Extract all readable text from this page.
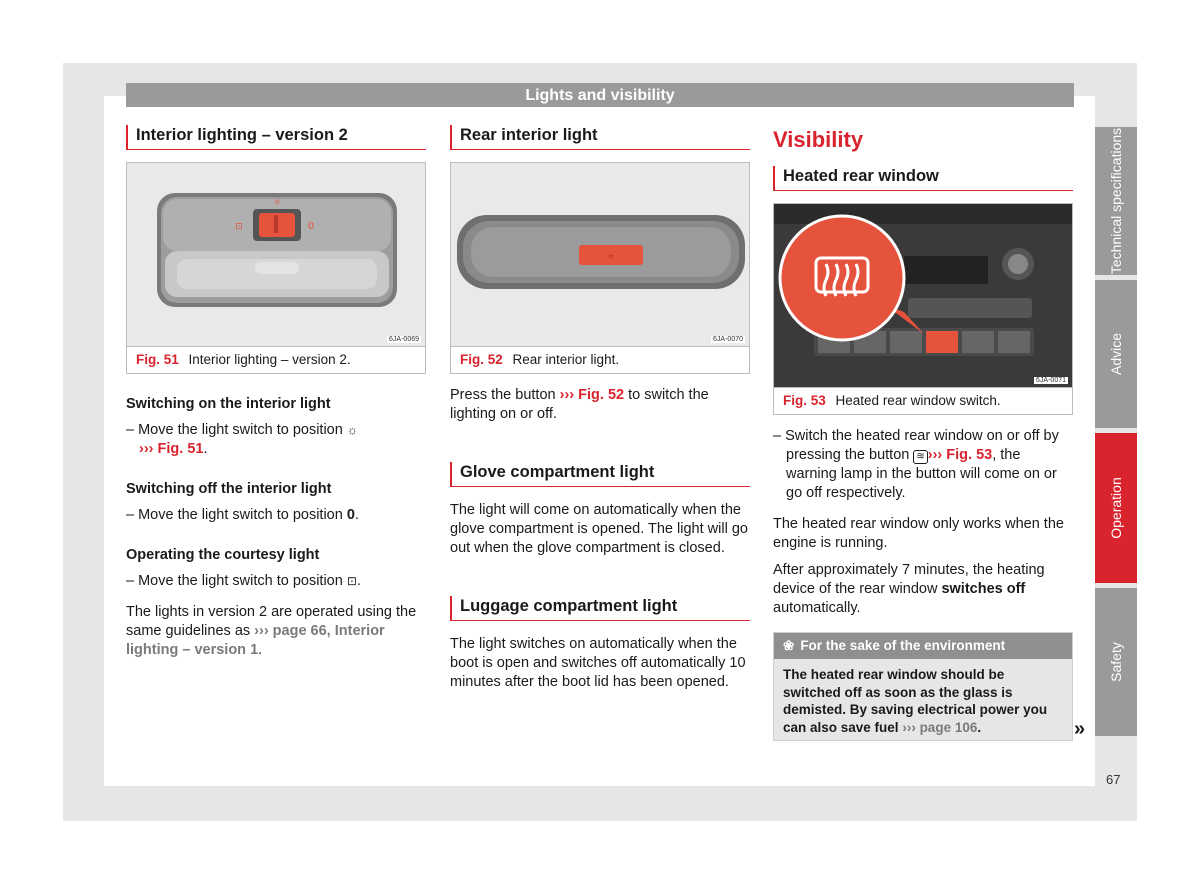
Lights and visibility
Interior lighting – version 2
☼
⊡	0
6JA-0069
Fig. 51 Interior lighting – version 2.
Switching on the interior light

– Move the light switch to position ☼
››› Fig. 51.

Switching off the interior light

– Move the light switch to position 0.

Operating the courtesy light

– Move the light switch to position ⊡.

The lights in version 2 are operated using the same guidelines as ››› page 66, Interior lighting – version 1.

Rear interior light
≈
6JA-0070
Fig. 52 Rear interior light.

Press the button ››› Fig. 52 to switch the lighting on or off.

Glove compartment light

The light will come on automatically when the glove compartment is opened. The light will go out when the glove compartment is closed.

Luggage compartment light

The light switches on automatically when the boot is open and switches off automatically 10 minutes after the boot lid has been opened.

Visibility
Heated rear window
6JA-0071
Fig. 53 Heated rear window switch.

– Switch the heated rear window on or off by pressing the button ≋ ››› Fig. 53, the warning lamp in the button will come on or go off respectively.

The heated rear window only works when the engine is running.

After approximately 7 minutes, the heating device of the rear window switches off automatically.

❀ For the sake of the environment
The heated rear window should be switched off as soon as the glass is demisted. By saving electrical power you can also save fuel ››› page 106.	»
Technical specifications
Advice
Operation
Safety
67
